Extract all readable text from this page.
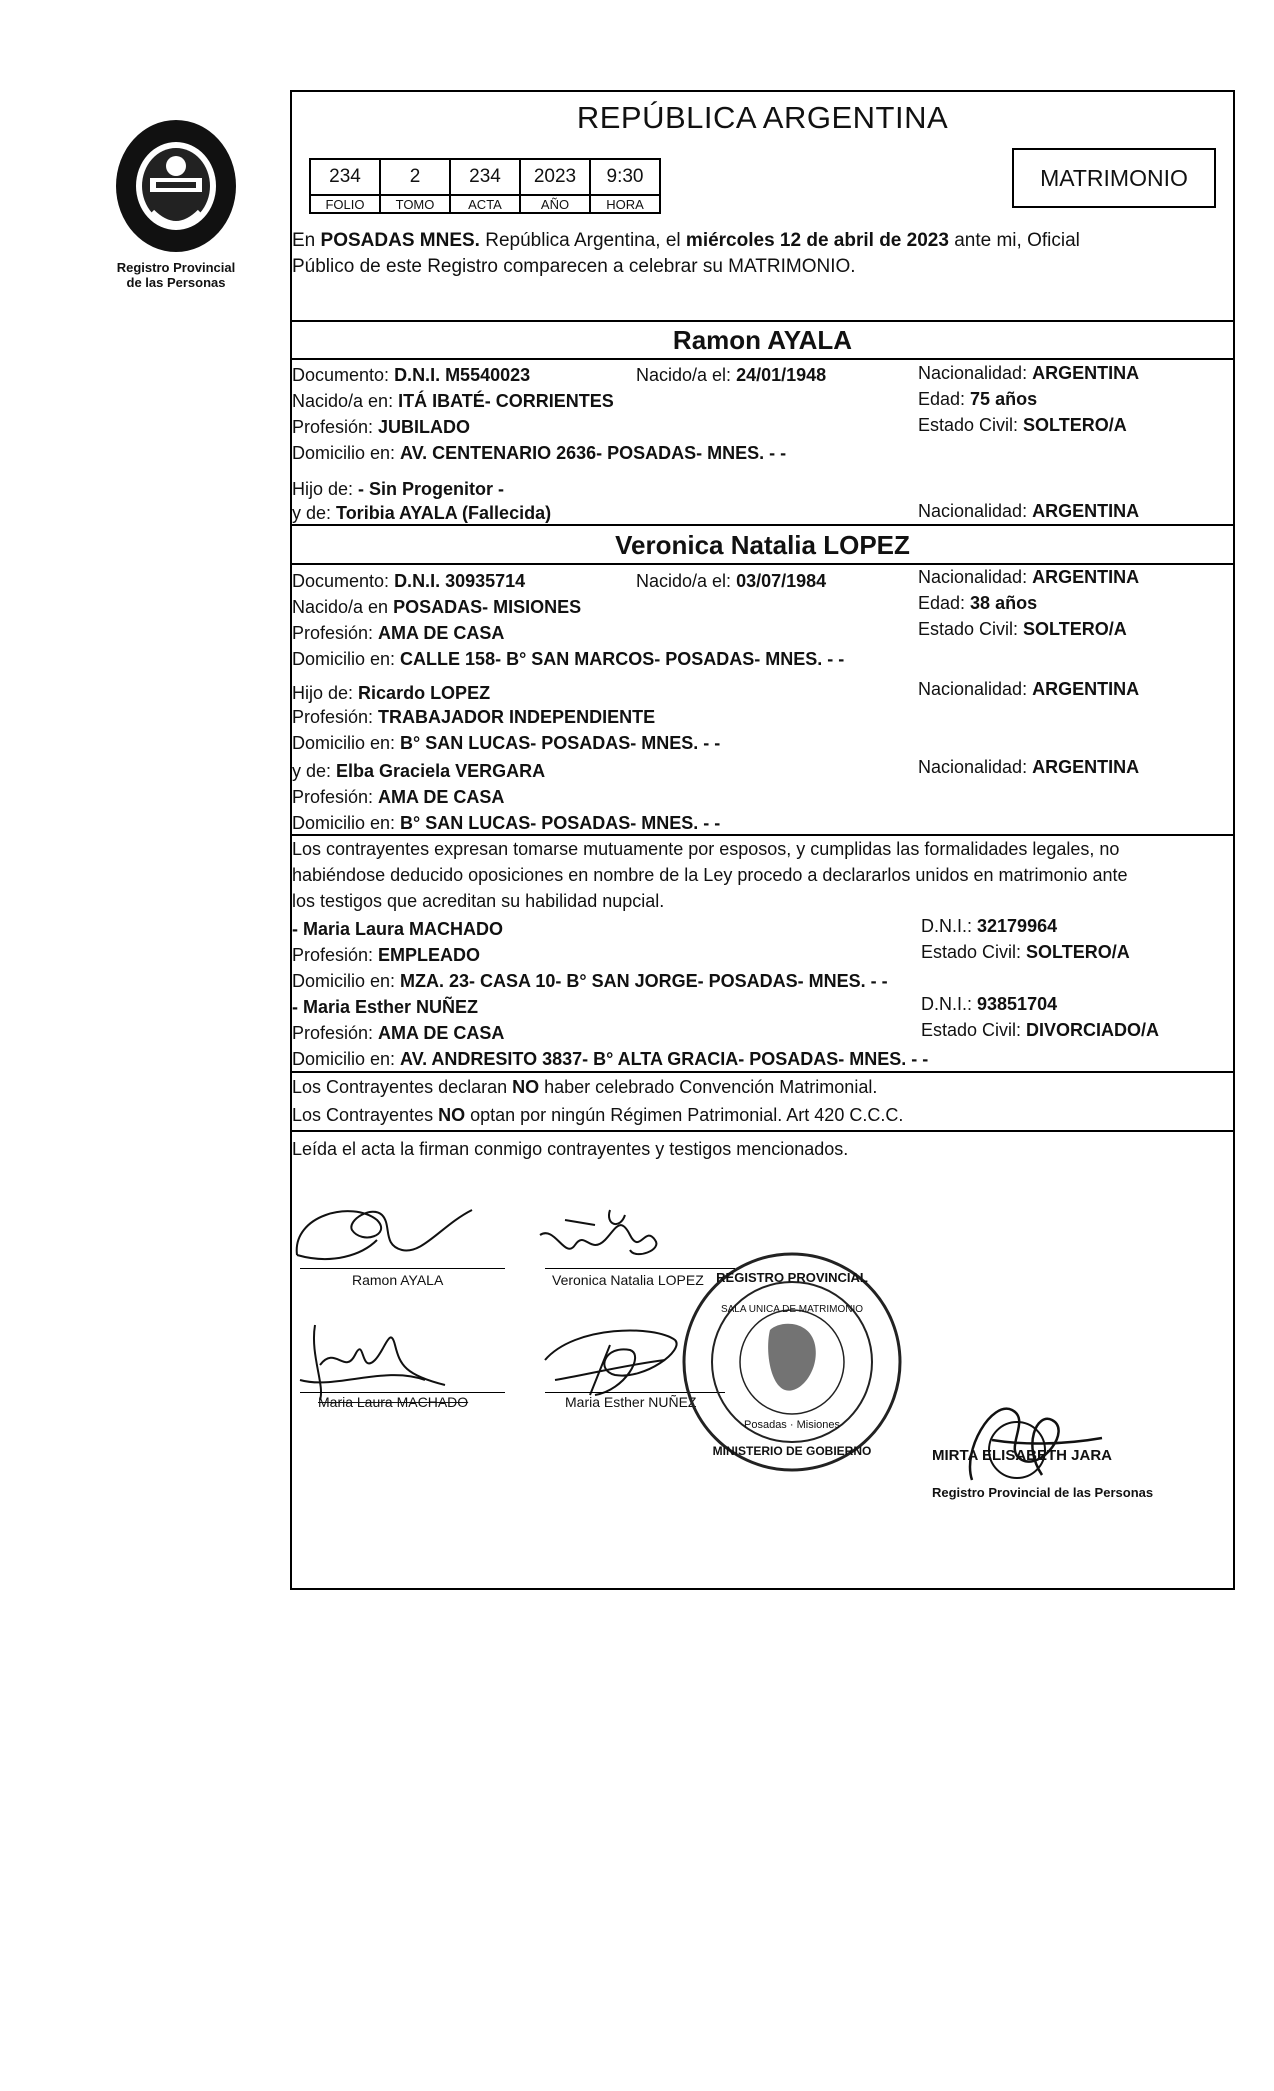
Registro Provincial
de las Personas
REPÚBLICA ARGENTINA
234	2	234	2023	9:30
FOLIO	TOMO	ACTA	AÑO	HORA
MATRIMONIO
En POSADAS MNES. República Argentina, el miércoles 12 de abril de 2023 ante mi, Oficial
Público de este Registro comparecen a celebrar su MATRIMONIO.
Ramon AYALA
Documento: D.N.I. M5540023	Nacido/a el: 24/01/1948	Nacionalidad: ARGENTINA
Nacido/a en: ITÁ IBATÉ- CORRIENTES	Edad: 75 años
Profesión: JUBILADO	Estado Civil: SOLTERO/A
Domicilio en: AV. CENTENARIO 2636- POSADAS- MNES. - -
Hijo de: - Sin Progenitor -
y de: Toribia AYALA (Fallecida)	Nacionalidad: ARGENTINA
Veronica Natalia LOPEZ
Documento: D.N.I. 30935714	Nacido/a el: 03/07/1984	Nacionalidad: ARGENTINA
Nacido/a en POSADAS- MISIONES	Edad: 38 años
Profesión: AMA DE CASA	Estado Civil: SOLTERO/A
Domicilio en: CALLE 158- B° SAN MARCOS- POSADAS- MNES. - -
Hijo de: Ricardo LOPEZ	Nacionalidad: ARGENTINA
Profesión: TRABAJADOR INDEPENDIENTE
Domicilio en: B° SAN LUCAS- POSADAS- MNES. - -
y de: Elba Graciela VERGARA	Nacionalidad: ARGENTINA
Profesión: AMA DE CASA
Domicilio en: B° SAN LUCAS- POSADAS- MNES. - -
Los contrayentes expresan tomarse mutuamente por esposos, y cumplidas las formalidades legales, no
habiéndose deducido oposiciones en nombre de la Ley procedo a declararlos unidos en matrimonio ante
los testigos que acreditan su habilidad nupcial.
- Maria Laura MACHADO	D.N.I.: 32179964
Profesión: EMPLEADO	Estado Civil: SOLTERO/A
Domicilio en: MZA. 23- CASA 10- B° SAN JORGE- POSADAS- MNES. - -
- Maria Esther NUÑEZ	D.N.I.: 93851704
Profesión: AMA DE CASA	Estado Civil: DIVORCIADO/A
Domicilio en: AV. ANDRESITO 3837- B° ALTA GRACIA- POSADAS- MNES. - -
Los Contrayentes declaran NO haber celebrado Convención Matrimonial.
Los Contrayentes NO optan por ningún Régimen Patrimonial. Art 420 C.C.C.
Leída el acta la firman conmigo contrayentes y testigos mencionados.
Ramon AYALA	Veronica Natalia LOPEZ
Maria Laura MACHADO	Maria Esther NUÑEZ
REGISTRO PROVINCIAL
MINISTERIO DE GOBIERNO
SALA UNICA DE MATRIMONIO
Posadas · Misiones
MIRTA ELISABETH JARA
Registro Provincial de las Personas
